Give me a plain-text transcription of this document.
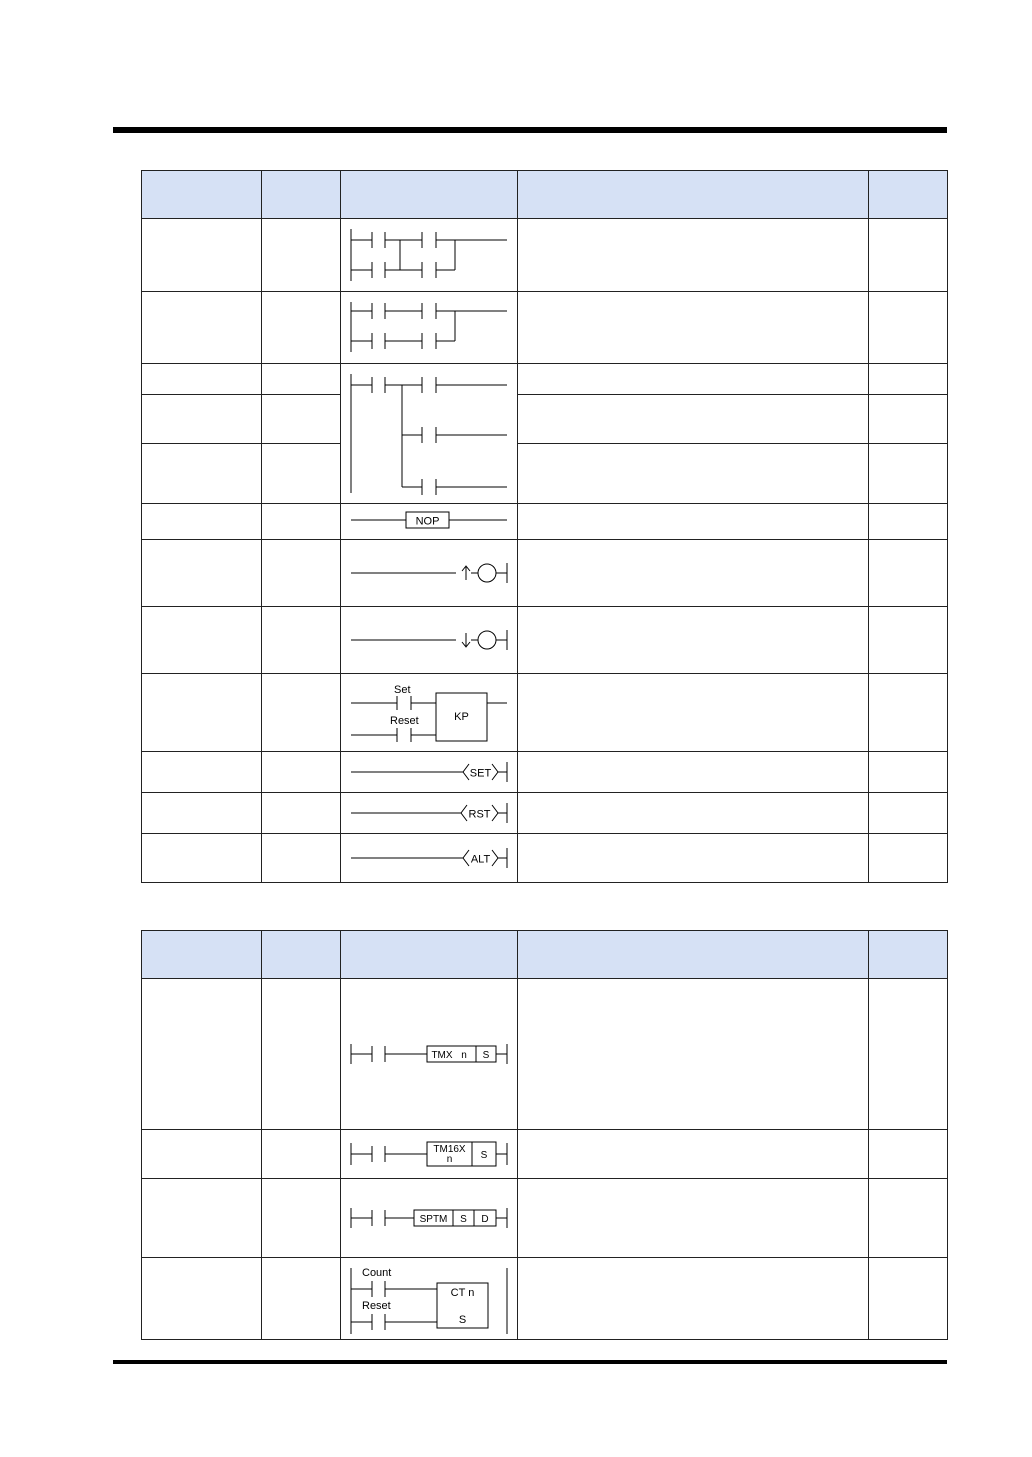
NOP		

Set
Reset KP		

SET		

RST		

ALT		

TMX n S		

TM16X
n S		

SPTM S D		

Count
Reset
CT n
S		
